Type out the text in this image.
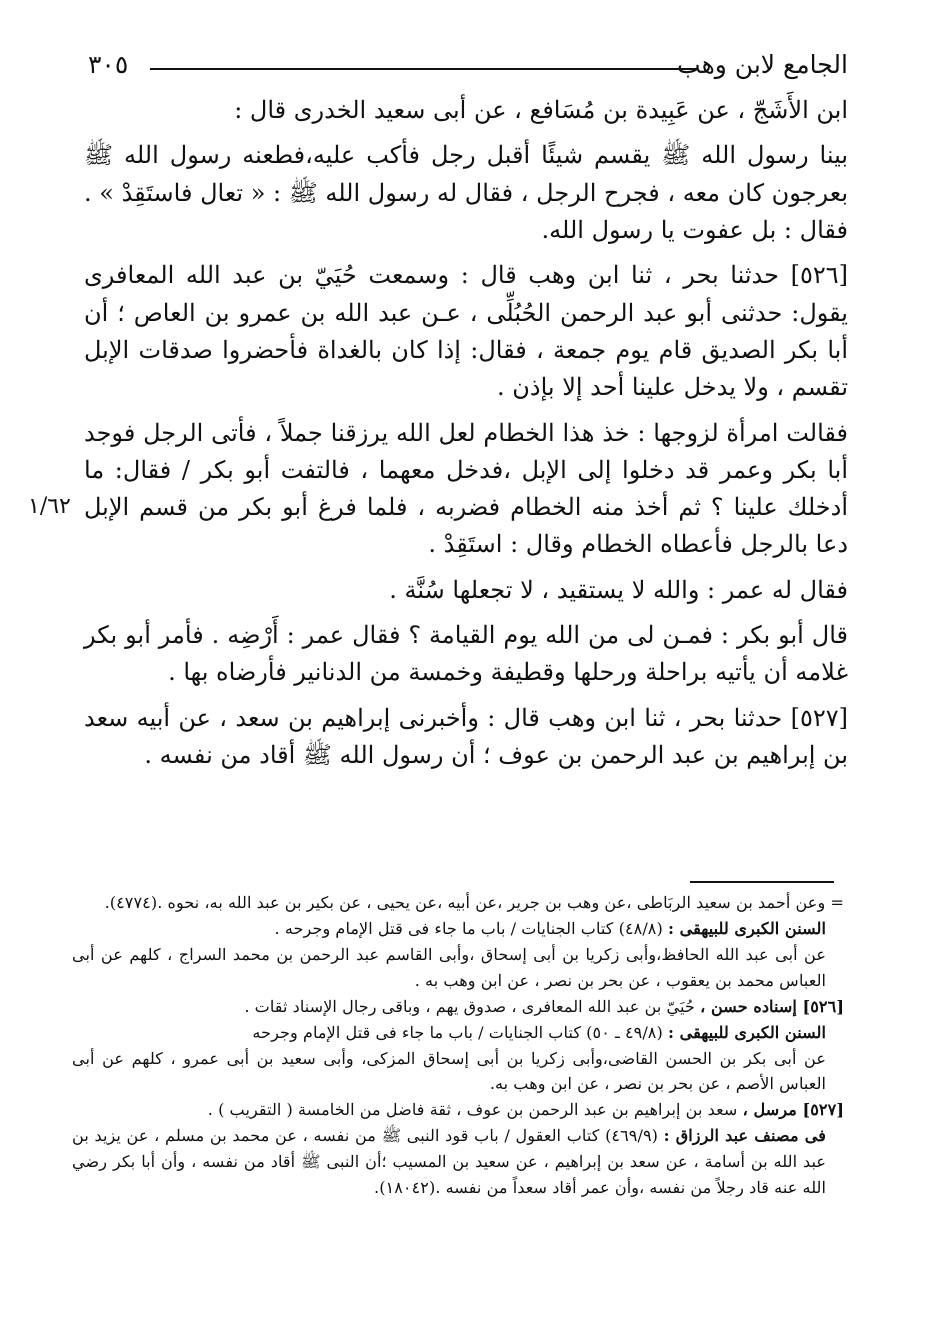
الجامع لابن وهب
٣٠٥

ابن الأَشَجّ ، عن عَبِيدة بن مُسَافع ، عن أبى سعيد الخدرى قال :

بينا رسول الله ﷺ يقسم شيئًا أقبل رجل فأكب عليه،فطعنه رسول الله ﷺ بعرجون كان معه ، فجرح الرجل ، فقال له رسول الله ﷺ : « تعال فاستَقِدْ » . فقال : بل عفوت يا رسول الله.

[٥٢٦] حدثنا بحر ، ثنا ابن وهب قال : وسمعت حُيَيّ بن عبد الله المعافرى يقول: حدثنى أبو عبد الرحمن الحُبُلِّى ، عـن عبد الله بن عمرو بن العاص ؛ أن أبا بكر الصديق قام يوم جمعة ، فقال: إذا كان بالغداة فأحضروا صدقات الإبل تقسم ، ولا يدخل علينا أحد إلا بإذن .

فقالت امرأة لزوجها : خذ هذا الخطام لعل الله يرزقنا جملاً ، فأتى الرجل فوجد أبا بكر وعمر قد دخلوا إلى الإبل ،فدخل معهما ، فالتفت أبو بكر / فقال: ما أدخلك علينا ؟ ثم أخذ منه الخطام فضربه ، فلما فرغ أبو بكر من قسم الإبل دعا بالرجل فأعطاه الخطام وقال : استَقِدْ .

فقال له عمر : والله لا يستقيد ، لا تجعلها سُنَّة .

قال أبو بكر : فمـن لى من الله يوم القيامة ؟ فقال عمر : أَرْضِه . فأمر أبو بكر غلامه أن يأتيه براحلة ورحلها وقطيفة وخمسة من الدنانير فأرضاه بها .

[٥٢٧] حدثنا بحر ، ثنا ابن وهب قال : وأخبرنى إبراهيم بن سعد ، عن أبيه سعد بن إبراهيم بن عبد الرحمن بن عوف ؛ أن رسول الله ﷺ أقاد من نفسه .

١/٦٢

= وعن أحمد بن سعيد الربَاطى ،عن وهب بن جرير ،عن أبيه ،عن يحيى ، عن بكير بن عبد الله به، نحوه .(٤٧٧٤).

السنن الكبرى للبيهقى : (٤٨/٨) كتاب الجنايات / باب ما جاء فى قتل الإمام وجرحه .

عن أبى عبد الله الحافظ،وأبى زكريا بن أبى إسحاق ،وأبى القاسم عبد الرحمن بن محمد السراج ، كلهم عن أبى العباس محمد بن يعقوب ، عن بحر بن نصر ، عن ابن وهب به .

[٥٢٦] إسناده حسن ، حُيَيّ بن عبد الله المعافرى ، صدوق يهم ، وباقى رجال الإسناد ثقات .

السنن الكبرى للبيهقى : (٤٩/٨ ـ ٥٠) كتاب الجنايات / باب ما جاء فى قتل الإمام وجرحه

عن أبى بكر بن الحسن القاضى،وأبى زكريا بن أبى إسحاق المزكى، وأبى سعيد بن أبى عمرو ، كلهم عن أبى العباس الأصم ، عن بحر بن نصر ، عن ابن وهب به.

[٥٢٧] مرسل ، سعد بن إبراهيم بن عبد الرحمن بن عوف ، ثقة فاضل من الخامسة ( التقريب ) .

فى مصنف عبد الرزاق : (٤٦٩/٩) كتاب العقول / باب قود النبى ﷺ من نفسه ، عن محمد بن مسلم ، عن يزيد بن عبد الله بن أسامة ، عن سعد بن إبراهيم ، عن سعيد بن المسيب ؛أن النبى ﷺ أقاد من نفسه ، وأن أبا بكر رضي الله عنه قاد رجلاً من نفسه ،وأن عمر أقاد سعداً من نفسه .(١٨٠٤٢).
